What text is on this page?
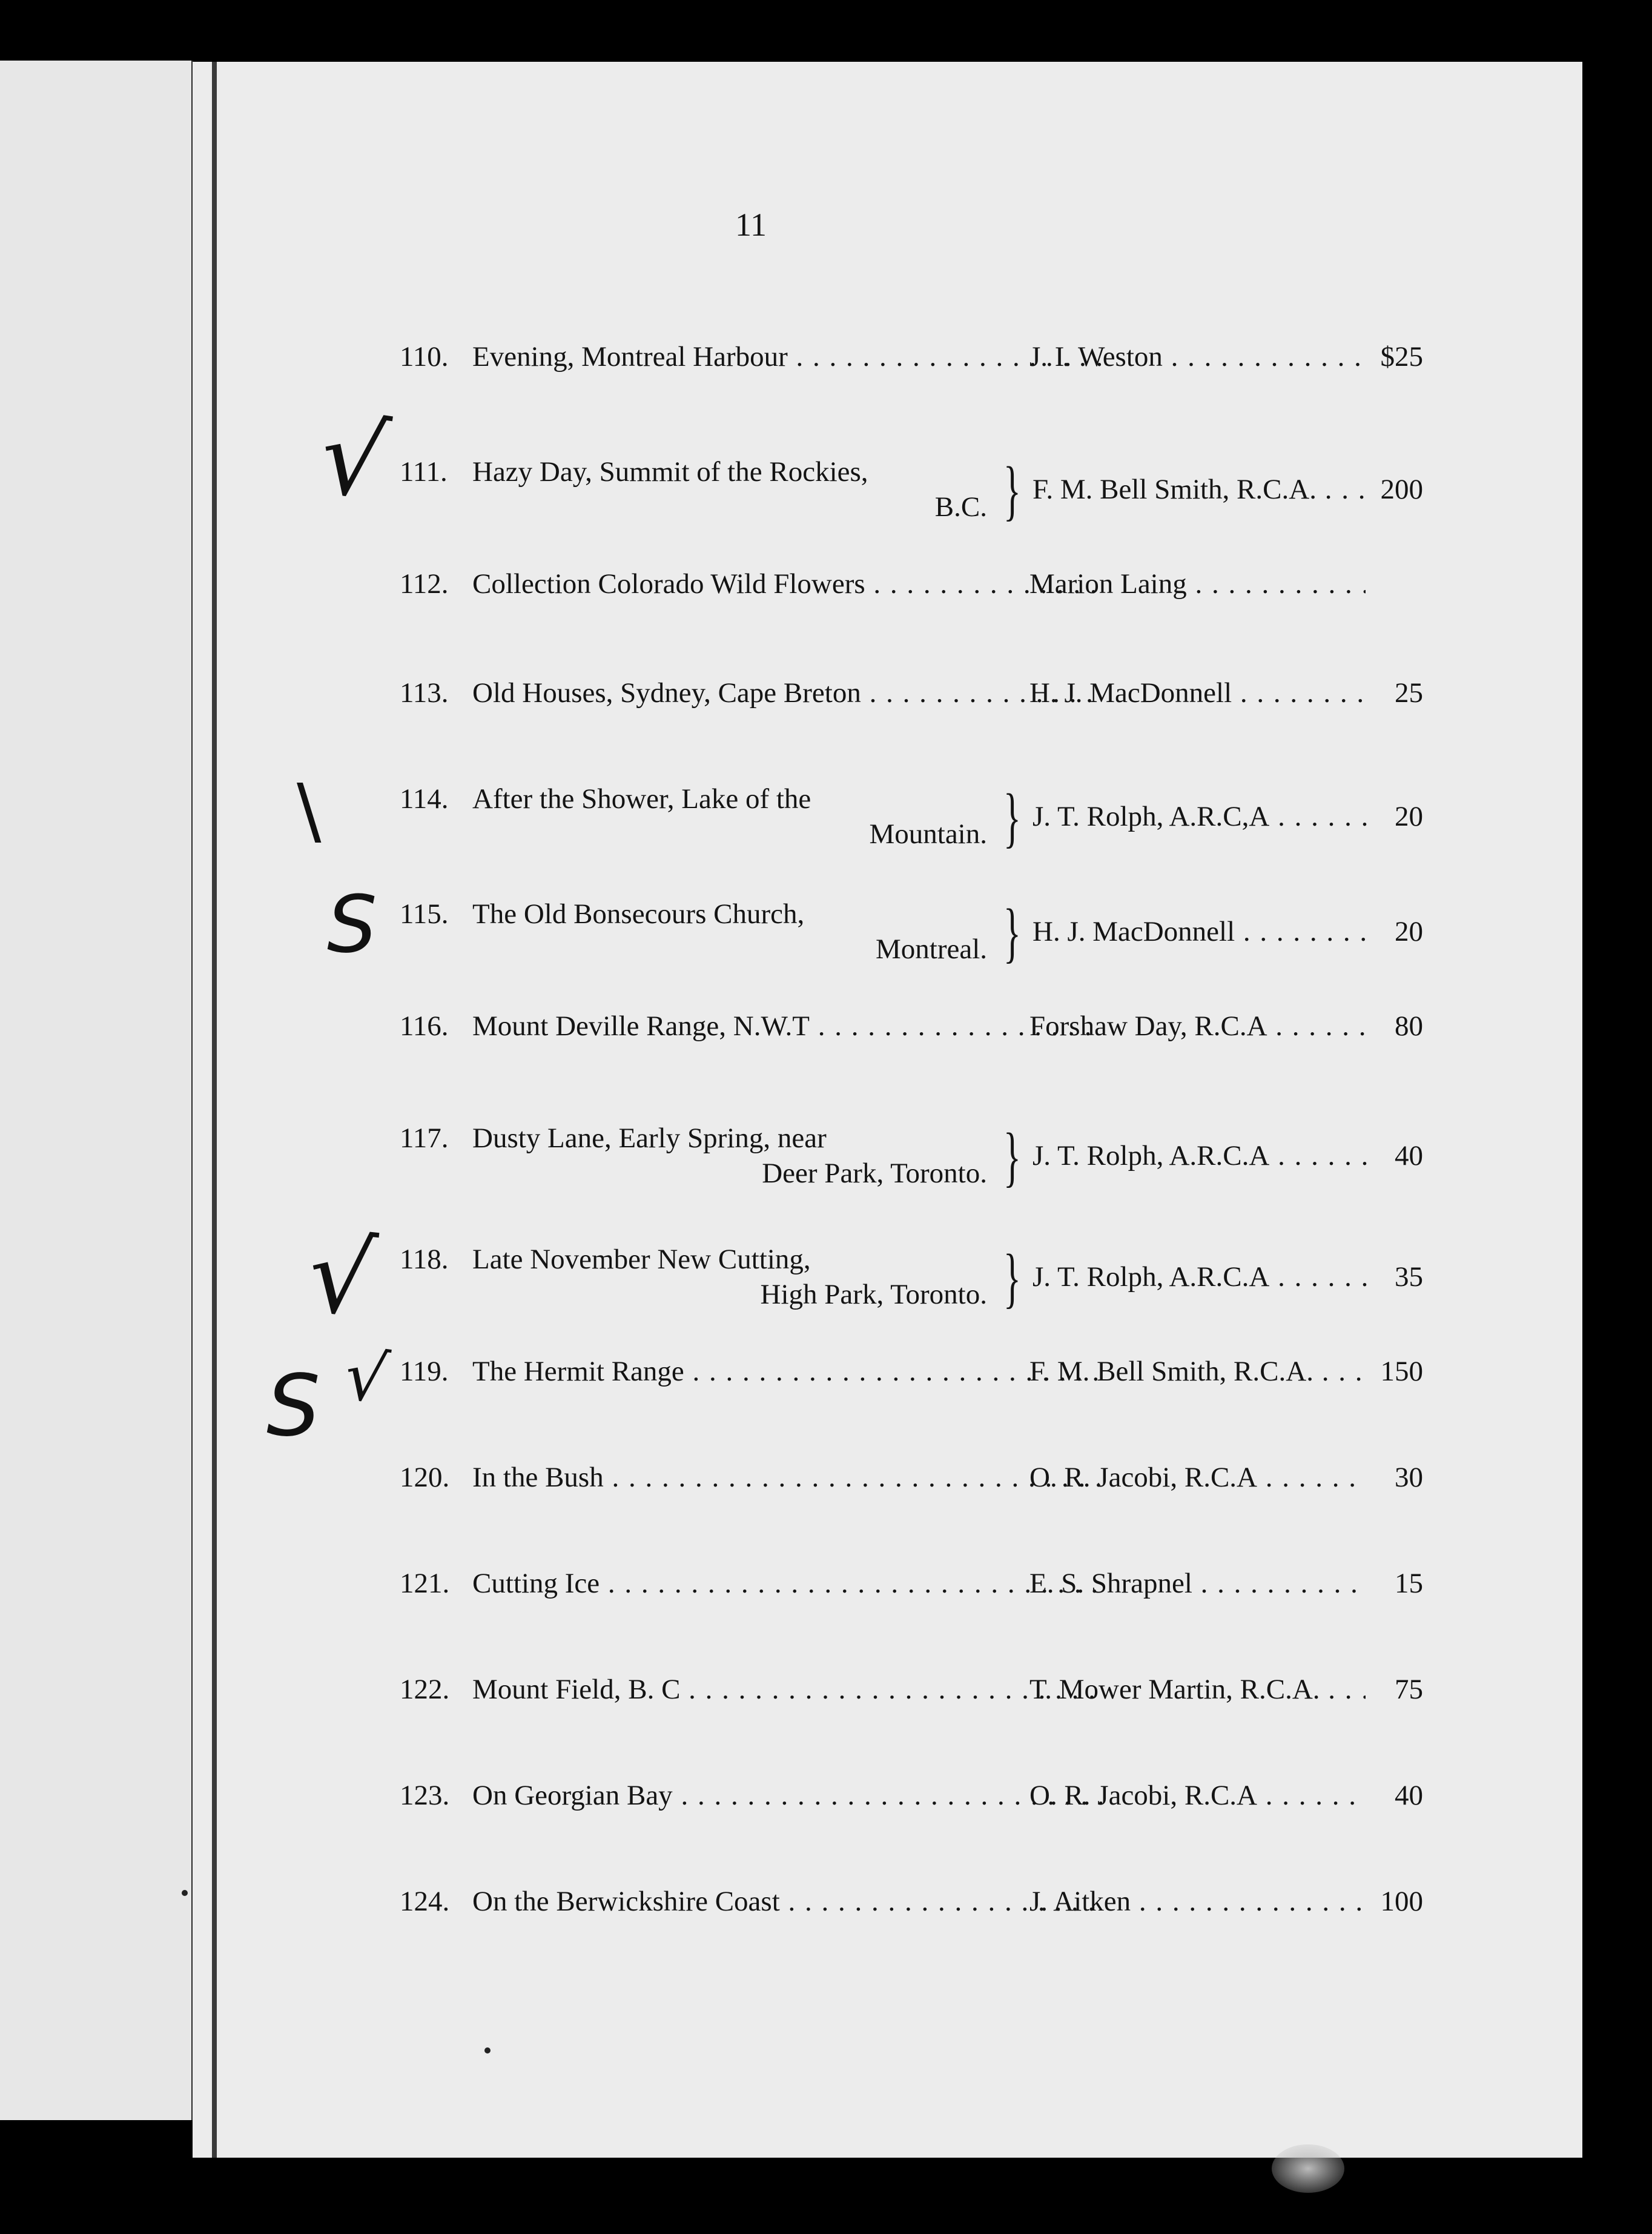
11
110. Evening, Montreal Harbour . . .	J. I. Weston . . .	$25
111. Hazy Day, Summit of the Rockies,
B.C. } F. M. Bell Smith, R.C.A. . . .	200
112. Collection Colorado Wild Flowers . . .	Marion Laing . . .
113. Old Houses, Sydney, Cape Breton . . .	H. J. MacDonnell . . .	25
114. After the Shower, Lake of the
Mountain. } J. T. Rolph, A.R.C,A . . .	20
115. The Old Bonsecours Church,
Montreal. } H. J. MacDonnell . . .	20
116. Mount Deville Range, N.W.T . . .	Forshaw Day, R.C.A . . .	80
117. Dusty Lane, Early Spring, near
Deer Park, Toronto. } J. T. Rolph, A.R.C.A . . .	40
118. Late November New Cutting,
High Park, Toronto. } J. T. Rolph, A.R.C.A . . .	35
119. The Hermit Range . . .	F. M. Bell Smith, R.C.A. . . .	150
120. In the Bush . . .	O. R. Jacobi, R.C.A . . .	30
121. Cutting Ice . . .	E. S. Shrapnel . . .	15
122. Mount Field, B. C . . .	T. Mower Martin, R.C.A. . . .	75
123. On Georgian Bay . . .	O. R. Jacobi, R.C.A . . .	40
124. On the Berwickshire Coast . . .	J. Aitken . . .	100
√
\
S
√
S √
